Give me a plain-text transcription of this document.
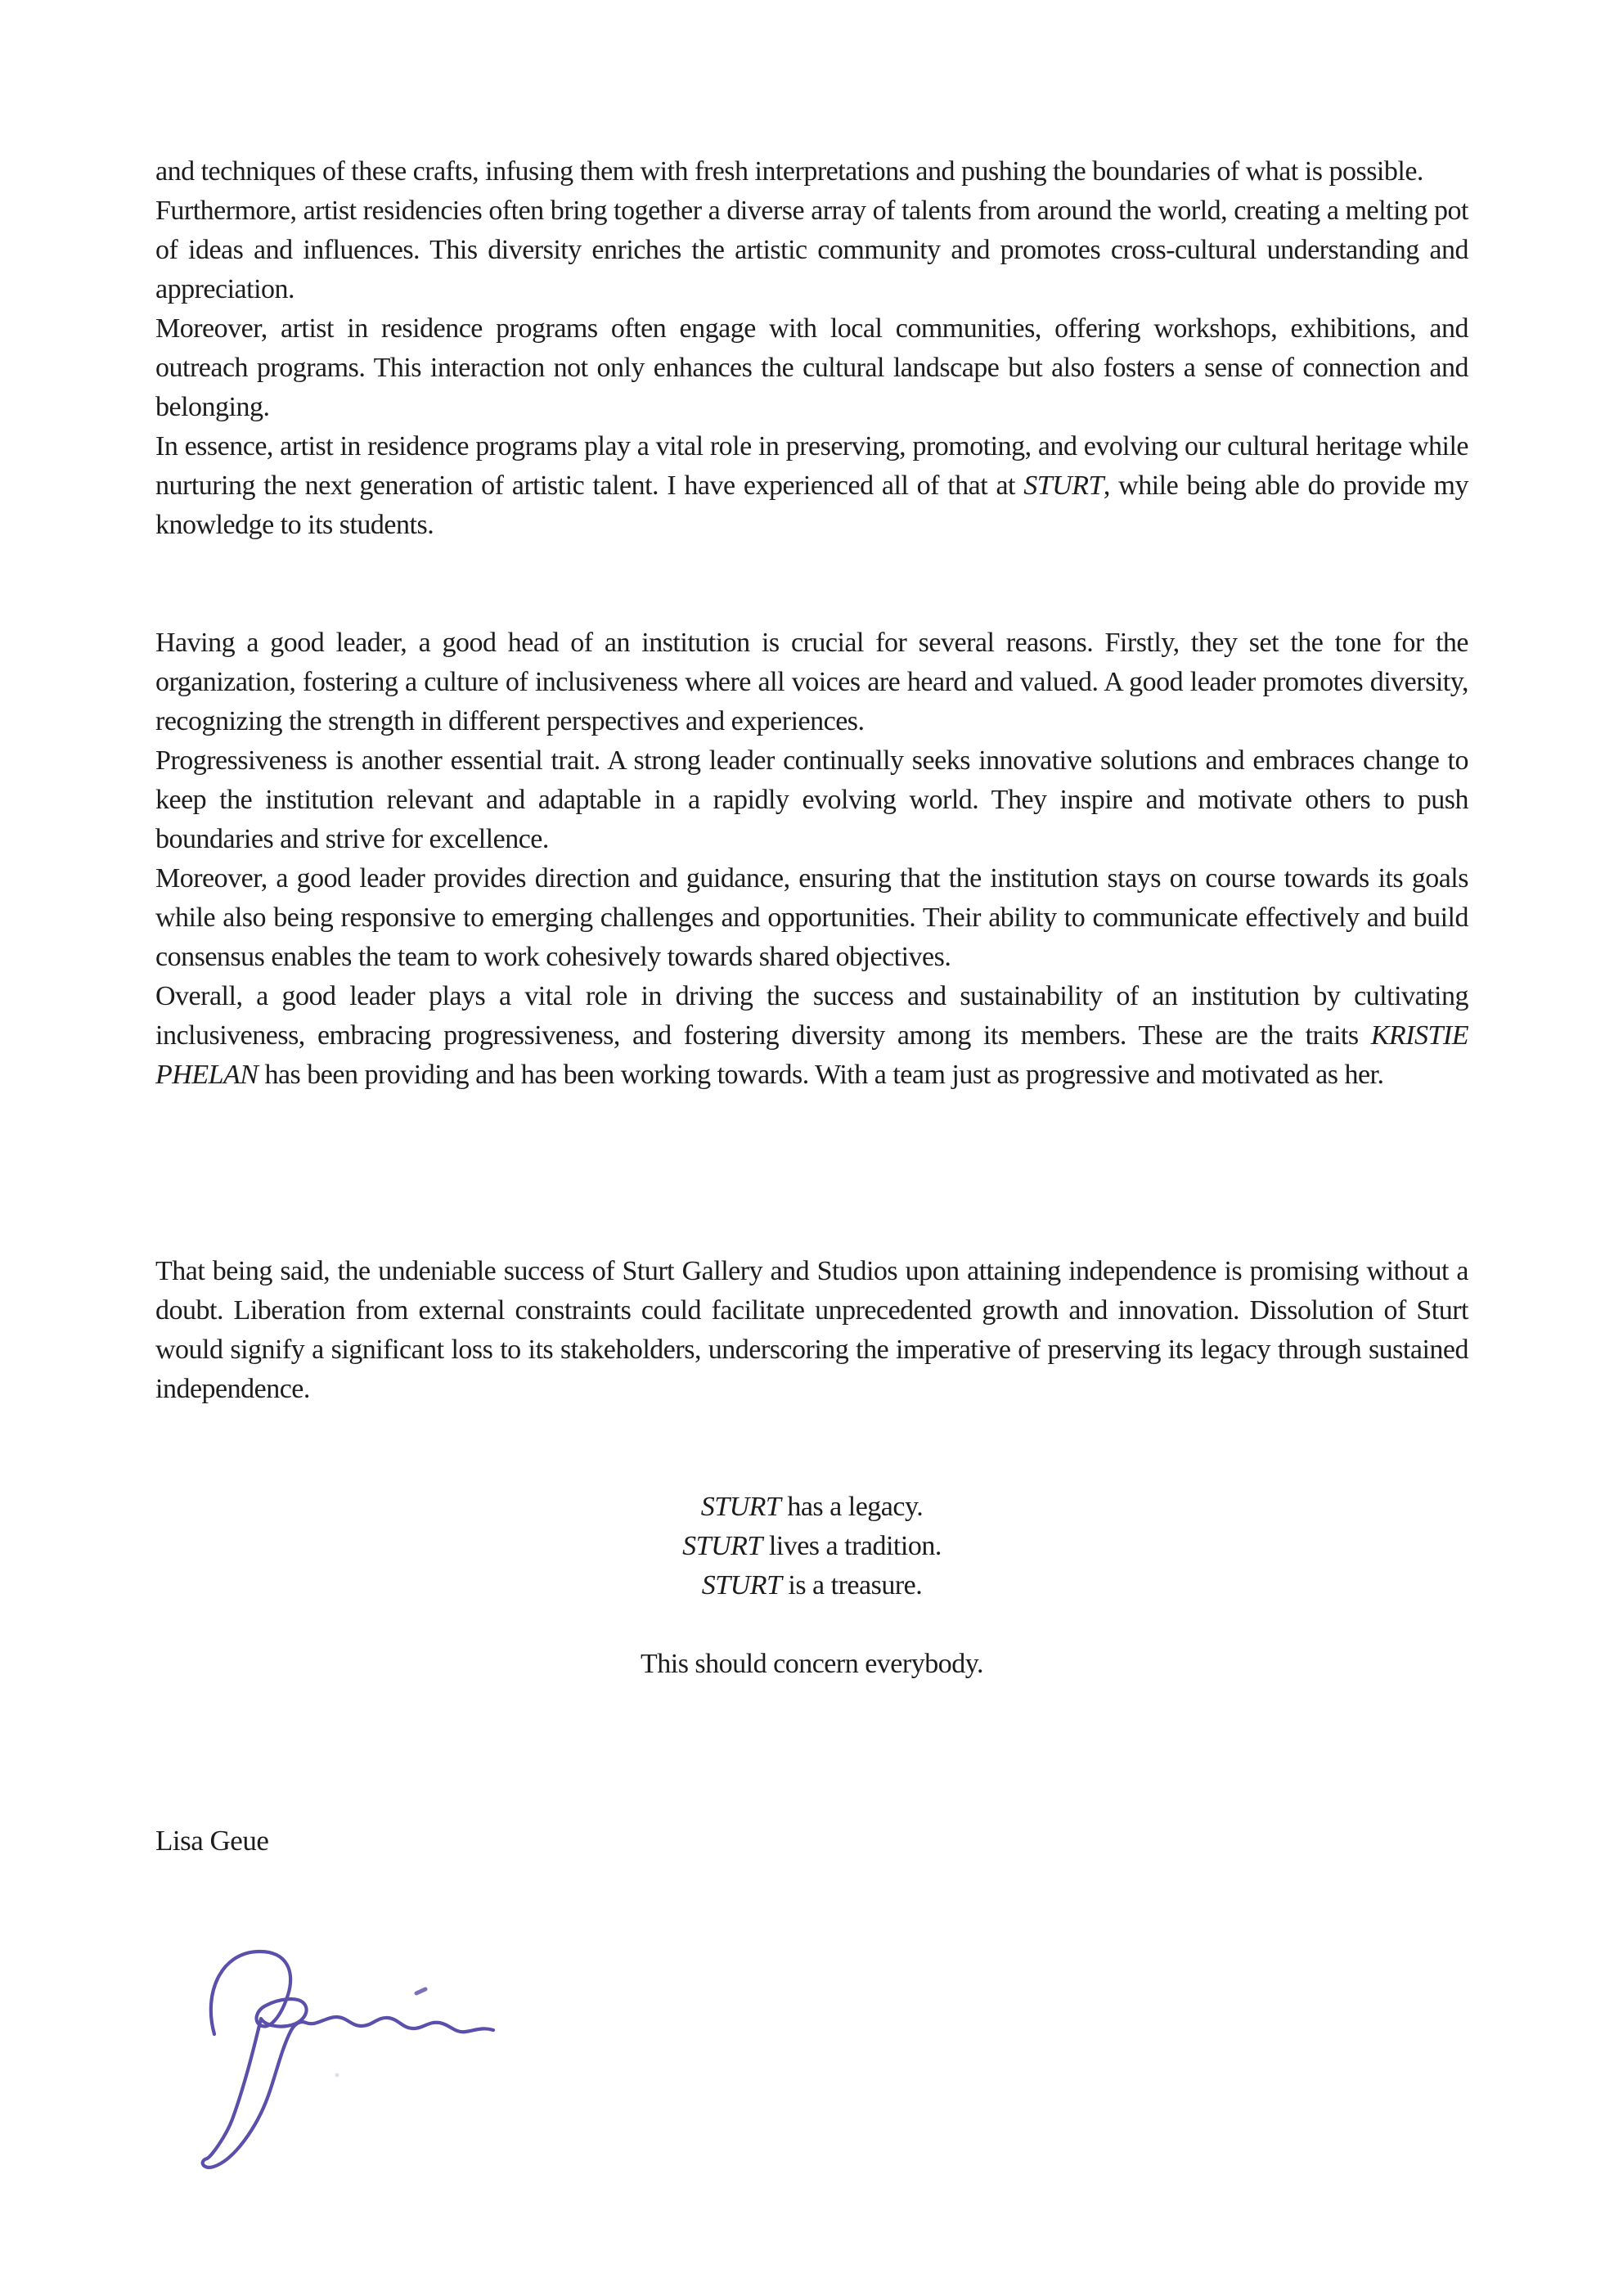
and techniques of these crafts, infusing them with fresh interpretations and pushing the boundaries of what is possible.

Furthermore, artist residencies often bring together a diverse array of talents from around the world, creating a melting pot of ideas and influences. This diversity enriches the artistic community and promotes cross-cultural understanding and appreciation.

Moreover, artist in residence programs often engage with local communities, offering workshops, exhibitions, and outreach programs. This interaction not only enhances the cultural landscape but also fosters a sense of connection and belonging.

In essence, artist in residence programs play a vital role in preserving, promoting, and evolving our cultural heritage while nurturing the next generation of artistic talent. I have experienced all of that at STURT, while being able do provide my knowledge to its students.

Having a good leader, a good head of an institution is crucial for several reasons. Firstly, they set the tone for the organization, fostering a culture of inclusiveness where all voices are heard and valued. A good leader promotes diversity, recognizing the strength in different perspectives and experiences.

Progressiveness is another essential trait. A strong leader continually seeks innovative solutions and embraces change to keep the institution relevant and adaptable in a rapidly evolving world. They inspire and motivate others to push boundaries and strive for excellence.

Moreover, a good leader provides direction and guidance, ensuring that the institution stays on course towards its goals while also being responsive to emerging challenges and opportunities. Their ability to communicate effectively and build consensus enables the team to work cohesively towards shared objectives.

Overall, a good leader plays a vital role in driving the success and sustainability of an institution by cultivating inclusiveness, embracing progressiveness, and fostering diversity among its members. These are the traits KRISTIE PHELAN has been providing and has been working towards. With a team just as progressive and motivated as her.

That being said, the undeniable success of Sturt Gallery and Studios upon attaining independence is promising without a doubt. Liberation from external constraints could facilitate unprecedented growth and innovation. Dissolution of Sturt would signify a significant loss to its stakeholders, underscoring the imperative of preserving its legacy through sustained independence.

STURT has a legacy.

STURT lives a tradition.

STURT is a treasure.

This should concern everybody.

Lisa Geue
